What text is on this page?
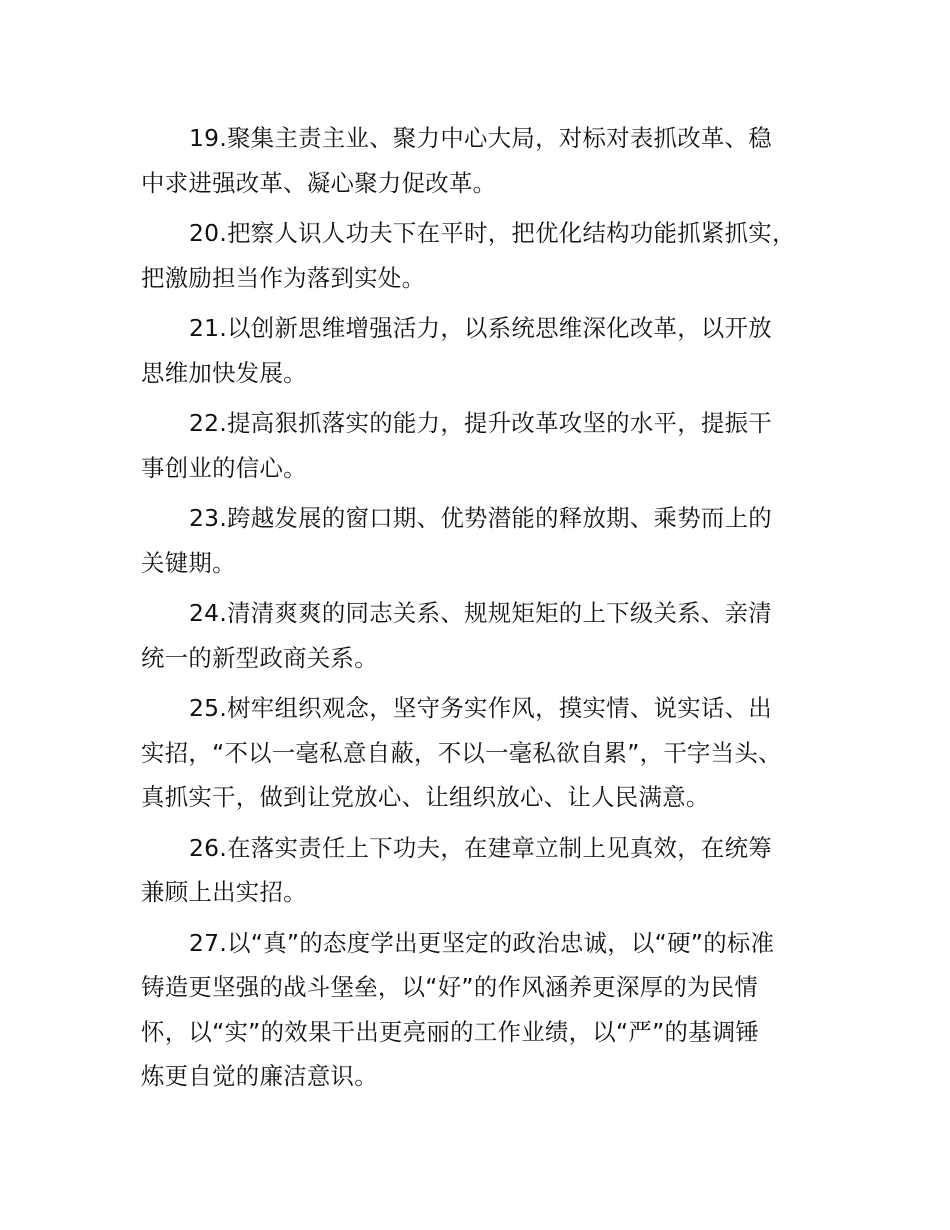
19.聚集主责主业、聚力中心大局，对标对表抓改革、稳
中求进强改革、凝心聚力促改革。

20.把察人识人功夫下在平时，把优化结构功能抓紧抓实，
把激励担当作为落到实处。

21.以创新思维增强活力，以系统思维深化改革，以开放
思维加快发展。

22.提高狠抓落实的能力，提升改革攻坚的水平，提振干
事创业的信心。

23.跨越发展的窗口期、优势潜能的释放期、乘势而上的
关键期。

24.清清爽爽的同志关系、规规矩矩的上下级关系、亲清
统一的新型政商关系。

25.树牢组织观念，坚守务实作风，摸实情、说实话、出
实招，“不以一毫私意自蔽，不以一毫私欲自累”，干字当头、
真抓实干，做到让党放心、让组织放心、让人民满意。

26.在落实责任上下功夫，在建章立制上见真效，在统筹
兼顾上出实招。

27.以“真”的态度学出更坚定的政治忠诚，以“硬”的标准
铸造更坚强的战斗堡垒，以“好”的作风涵养更深厚的为民情
怀，以“实”的效果干出更亮丽的工作业绩，以“严”的基调锤
炼更自觉的廉洁意识。
